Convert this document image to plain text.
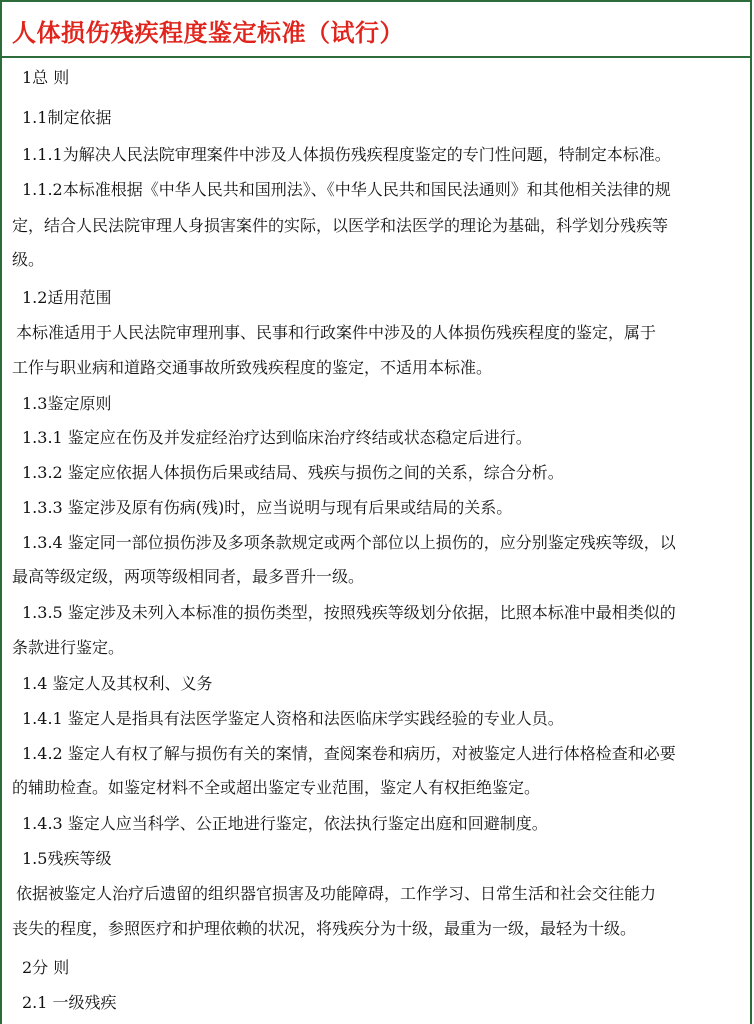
人体损伤残疾程度鉴定标准（试行）
1总 则
1.1制定依据
1.1.1为解决人民法院审理案件中涉及人体损伤残疾程度鉴定的专门性问题，特制定本标准。
1.1.2本标准根据《中华人民共和国刑法》、《中华人民共和国民法通则》和其他相关法律的规
定，结合人民法院审理人身损害案件的实际，以医学和法医学的理论为基础，科学划分残疾等
级。
1.2适用范围
本标准适用于人民法院审理刑事、民事和行政案件中涉及的人体损伤残疾程度的鉴定，属于
工作与职业病和道路交通事故所致残疾程度的鉴定，不适用本标准。
1.3鉴定原则
1.3.1 鉴定应在伤及并发症经治疗达到临床治疗终结或状态稳定后进行。
1.3.2 鉴定应依据人体损伤后果或结局、残疾与损伤之间的关系，综合分析。
1.3.3 鉴定涉及原有伤病(残)时，应当说明与现有后果或结局的关系。
1.3.4 鉴定同一部位损伤涉及多项条款规定或两个部位以上损伤的，应分别鉴定残疾等级，以
最高等级定级，两项等级相同者，最多晋升一级。
1.3.5 鉴定涉及未列入本标准的损伤类型，按照残疾等级划分依据，比照本标准中最相类似的
条款进行鉴定。
1.4 鉴定人及其权利、义务
1.4.1 鉴定人是指具有法医学鉴定人资格和法医临床学实践经验的专业人员。
1.4.2 鉴定人有权了解与损伤有关的案情，查阅案卷和病历，对被鉴定人进行体格检查和必要
的辅助检查。如鉴定材料不全或超出鉴定专业范围，鉴定人有权拒绝鉴定。
1.4.3 鉴定人应当科学、公正地进行鉴定，依法执行鉴定出庭和回避制度。
1.5残疾等级
依据被鉴定人治疗后遗留的组织器官损害及功能障碍，工作学习、日常生活和社会交往能力
丧失的程度，参照医疗和护理依赖的状况，将残疾分为十级，最重为一级，最轻为十级。
2分 则
2.1 一级残疾
